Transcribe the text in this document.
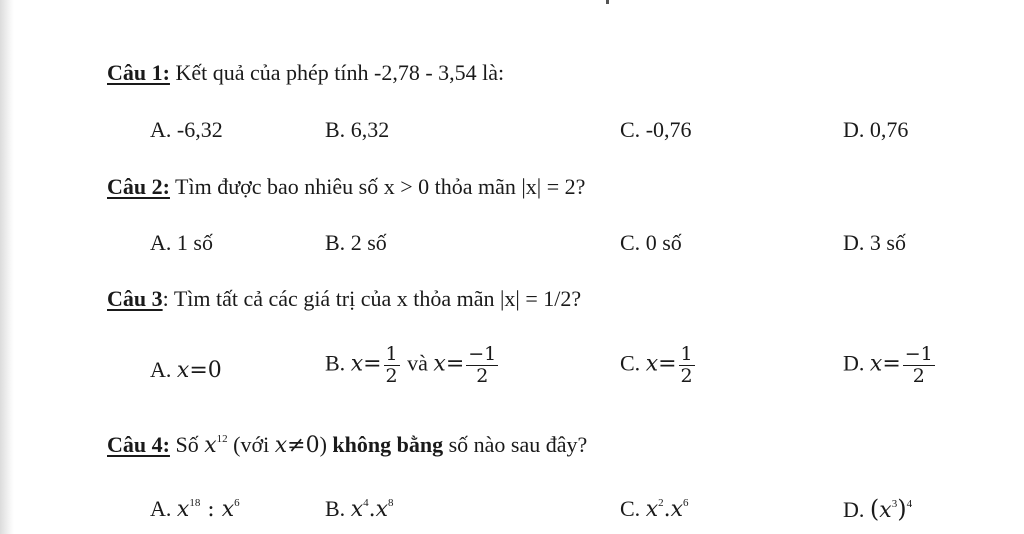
Câu 1: Kết quả của phép tính -2,78 - 3,54 là:
A. -6,32	B. 6,32	C. -0,76	D. 0,76
Câu 2: Tìm được bao nhiêu số x > 0 thỏa mãn |x| = 2?
A. 1 số	B. 2 số	C. 0 số	D. 3 số
Câu 3: Tìm tất cả các giá trị của x thỏa mãn |x| = 1/2?
A. x=0	B. $x= \frac{1}{2}$ và $x= \frac{-1}{2}$	C. $x= \frac{1}{2}$	D. $x= \frac{-1}{2}$
Câu 4: Số $x^{12}$ (với x≠0) không bằng số nào sau đây?
A. $x^{18}$ : $x^6$	B. $x^4.x^8$	C. $x^2.x^6$	D. $(x^3)^4$
